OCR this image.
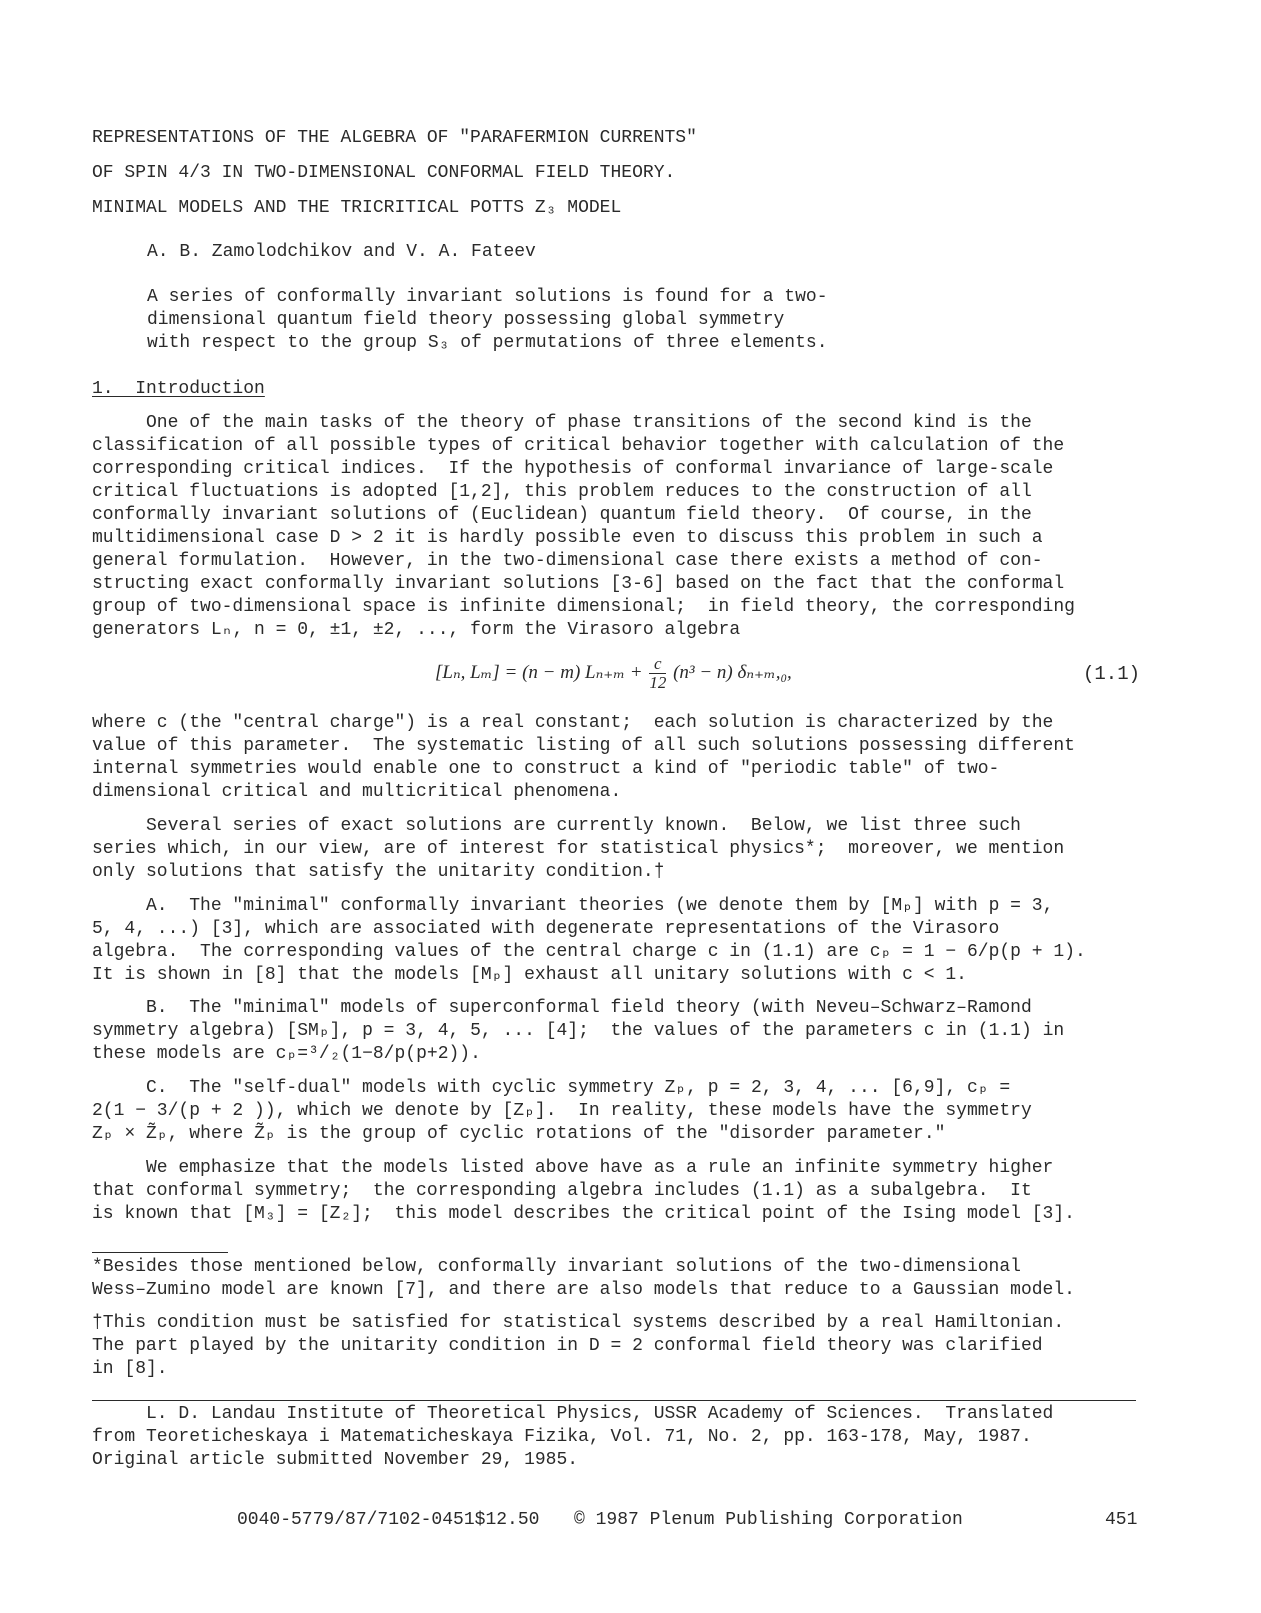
REPRESENTATIONS OF THE ALGEBRA OF "PARAFERMION CURRENTS"
OF SPIN 4/3 IN TWO-DIMENSIONAL CONFORMAL FIELD THEORY.
MINIMAL MODELS AND THE TRICRITICAL POTTS Z₃ MODEL
A. B. Zamolodchikov and V. A. Fateev
A series of conformally invariant solutions is found for a two-
dimensional quantum field theory possessing global symmetry
with respect to the group S₃ of permutations of three elements.
1.  Introduction
One of the main tasks of the theory of phase transitions of the second kind is the
classification of all possible types of critical behavior together with calculation of the
corresponding critical indices.  If the hypothesis of conformal invariance of large-scale
critical fluctuations is adopted [1,2], this problem reduces to the construction of all
conformally invariant solutions of (Euclidean) quantum field theory.  Of course, in the
multidimensional case D > 2 it is hardly possible even to discuss this problem in such a
general formulation.  However, in the two-dimensional case there exists a method of con-
structing exact conformally invariant solutions [3-6] based on the fact that the conformal
group of two-dimensional space is infinite dimensional;  in field theory, the corresponding
generators Lₙ, n = 0, ±1, ±2, ..., form the Virasoro algebra
[Lₙ, Lₘ] = (n − m) $L_{n+m} + \frac{c}{12} (n^3 - n)$ δₙ₊ₘ,₀,	(1.1)
where c (the "central charge") is a real constant;  each solution is characterized by the
value of this parameter.  The systematic listing of all such solutions possessing different
internal symmetries would enable one to construct a kind of "periodic table" of two-
dimensional critical and multicritical phenomena.
Several series of exact solutions are currently known.  Below, we list three such
series which, in our view, are of interest for statistical physics*;  moreover, we mention
only solutions that satisfy the unitarity condition.†
A.  The "minimal" conformally invariant theories (we denote them by [Mₚ] with p = 3,
5, 4, ...) [3], which are associated with degenerate representations of the Virasoro
algebra.  The corresponding values of the central charge c in (1.1) are cₚ = 1 − 6/p(p + 1).
It is shown in [8] that the models [Mₚ] exhaust all unitary solutions with c < 1.
B.  The "minimal" models of superconformal field theory (with Neveu–Schwarz–Ramond
symmetry algebra) [SMₚ], p = 3, 4, 5, ... [4];  the values of the parameters c in (1.1) in
these models are cₚ=³/₂(1−8/p(p+2)).
C.  The "self-dual" models with cyclic symmetry Zₚ, p = 2, 3, 4, ... [6,9], cₚ =
2(1 − 3/(p + 2 )), which we denote by [Zₚ].  In reality, these models have the symmetry
Zₚ × Z̃ₚ, where Z̃ₚ is the group of cyclic rotations of the "disorder parameter."
We emphasize that the models listed above have as a rule an infinite symmetry higher
that conformal symmetry;  the corresponding algebra includes (1.1) as a subalgebra.  It
is known that [M₃] = [Z₂];  this model describes the critical point of the Ising model [3].
*Besides those mentioned below, conformally invariant solutions of the two-dimensional
Wess–Zumino model are known [7], and there are also models that reduce to a Gaussian model.
†This condition must be satisfied for statistical systems described by a real Hamiltonian.
The part played by the unitarity condition in D = 2 conformal field theory was clarified
in [8].
L. D. Landau Institute of Theoretical Physics, USSR Academy of Sciences.  Translated
from Teoreticheskaya i Matematicheskaya Fizika, Vol. 71, No. 2, pp. 163-178, May, 1987.
Original article submitted November 29, 1985.
0040-5779/87/7102-0451$12.50 © 1987 Plenum Publishing Corporation	451
